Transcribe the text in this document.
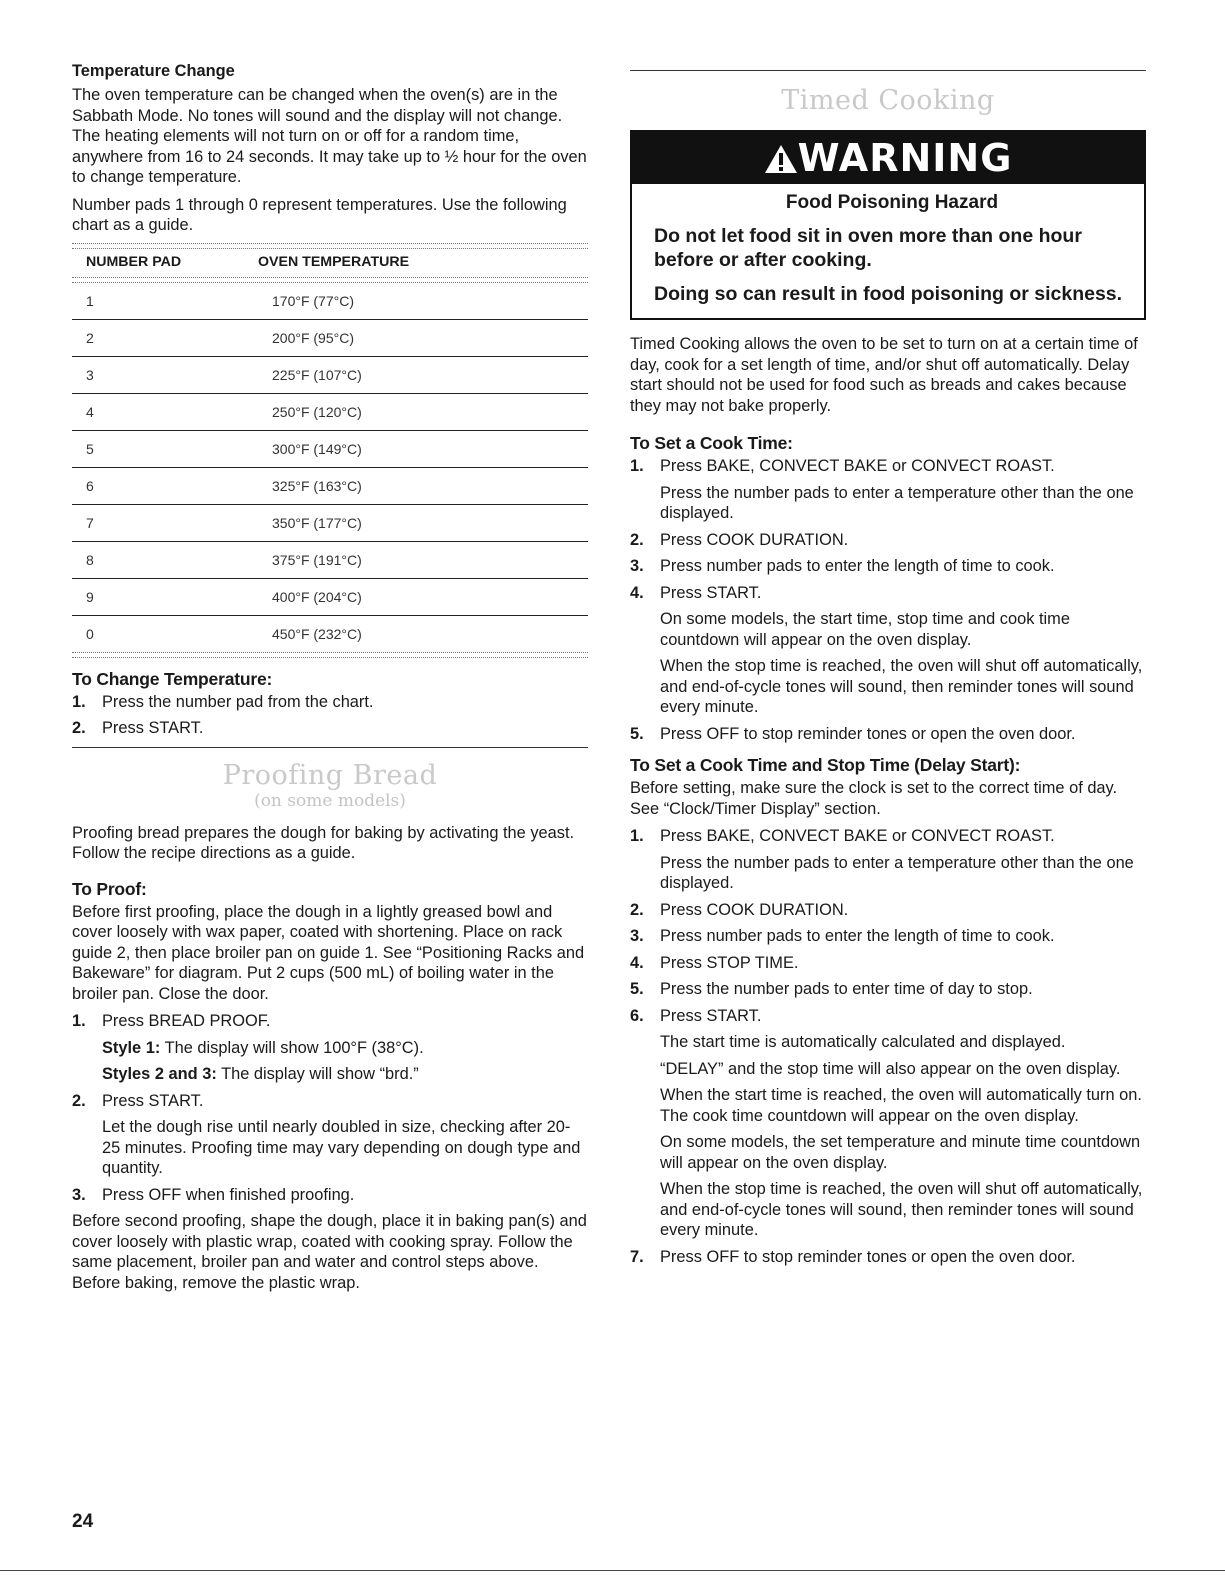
Temperature Change

The oven temperature can be changed when the oven(s) are in the Sabbath Mode. No tones will sound and the display will not change. The heating elements will not turn on or off for a random time, anywhere from 16 to 24 seconds. It may take up to ½ hour for the oven to change temperature.

Number pads 1 through 0 represent temperatures. Use the following chart as a guide.

NUMBER PAD	OVEN TEMPERATURE
1	170°F (77°C)
2	200°F (95°C)
3	225°F (107°C)
4	250°F (120°C)
5	300°F (149°C)
6	325°F (163°C)
7	350°F (177°C)
8	375°F (191°C)
9	400°F (204°C)
0	450°F (232°C)
To Change Temperature:
1. Press the number pad from the chart.
2. Press START.
Proofing Bread
(on some models)

Proofing bread prepares the dough for baking by activating the yeast. Follow the recipe directions as a guide.

To Proof:

Before first proofing, place the dough in a lightly greased bowl and cover loosely with wax paper, coated with shortening. Place on rack guide 2, then place broiler pan on guide 1. See “Positioning Racks and Bakeware” for diagram. Put 2 cups (500 mL) of boiling water in the broiler pan. Close the door.

1. Press BREAD PROOF.
Style 1: The display will show 100°F (38°C).
Styles 2 and 3: The display will show “brd.”
2. Press START.
Let the dough rise until nearly doubled in size, checking after 20-25 minutes. Proofing time may vary depending on dough type and quantity.
3. Press OFF when finished proofing.

Before second proofing, shape the dough, place it in baking pan(s) and cover loosely with plastic wrap, coated with cooking spray. Follow the same placement, broiler pan and water and control steps above. Before baking, remove the plastic wrap.

Timed Cooking
WARNING
Food Poisoning Hazard
Do not let food sit in oven more than one hour before or after cooking.
Doing so can result in food poisoning or sickness.

Timed Cooking allows the oven to be set to turn on at a certain time of day, cook for a set length of time, and/or shut off automatically. Delay start should not be used for food such as breads and cakes because they may not bake properly.

To Set a Cook Time:
1. Press BAKE, CONVECT BAKE or CONVECT ROAST.
Press the number pads to enter a temperature other than the one displayed.
2. Press COOK DURATION.
3. Press number pads to enter the length of time to cook.
4. Press START.
On some models, the start time, stop time and cook time countdown will appear on the oven display.
When the stop time is reached, the oven will shut off automatically, and end-of-cycle tones will sound, then reminder tones will sound every minute.
5. Press OFF to stop reminder tones or open the oven door.
To Set a Cook Time and Stop Time (Delay Start):

Before setting, make sure the clock is set to the correct time of day. See “Clock/Timer Display” section.

1. Press BAKE, CONVECT BAKE or CONVECT ROAST.
Press the number pads to enter a temperature other than the one displayed.
2. Press COOK DURATION.
3. Press number pads to enter the length of time to cook.
4. Press STOP TIME.
5. Press the number pads to enter time of day to stop.
6. Press START.
The start time is automatically calculated and displayed.
“DELAY” and the stop time will also appear on the oven display.
When the start time is reached, the oven will automatically turn on. The cook time countdown will appear on the oven display.
On some models, the set temperature and minute time countdown will appear on the oven display.
When the stop time is reached, the oven will shut off automatically, and end-of-cycle tones will sound, then reminder tones will sound every minute.
7. Press OFF to stop reminder tones or open the oven door.
24
